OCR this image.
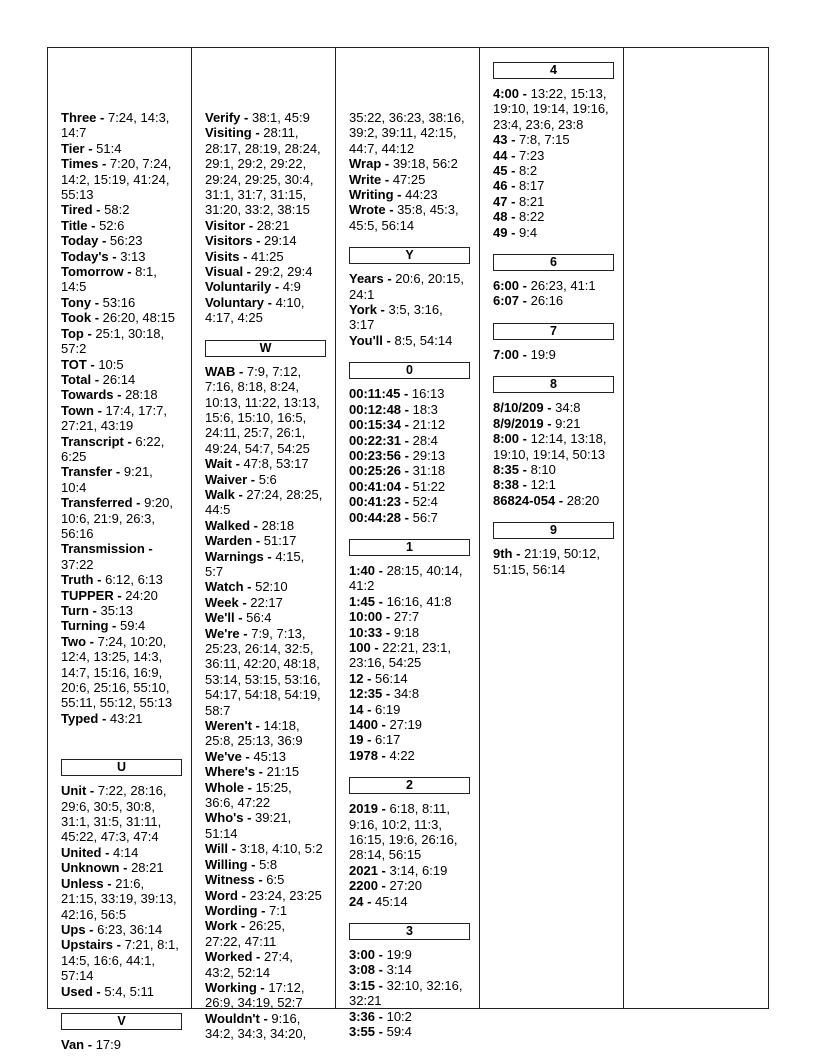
Three - 7:24, 14:3, 14:7
Tier - 51:4
Times - 7:20, 7:24, 14:2, 15:19, 41:24, 55:13
Tired - 58:2
Title - 52:6
Today - 56:23
Today's - 3:13
Tomorrow - 8:1, 14:5
Tony - 53:16
Took - 26:20, 48:15
Top - 25:1, 30:18, 57:2
TOT - 10:5
Total - 26:14
Towards - 28:18
Town - 17:4, 17:7, 27:21, 43:19
Transcript - 6:22, 6:25
Transfer - 9:21, 10:4
Transferred - 9:20, 10:6, 21:9, 26:3, 56:16
Transmission - 37:22
Truth - 6:12, 6:13
TUPPER - 24:20
Turn - 35:13
Turning - 59:4
Two - 7:24, 10:20, 12:4, 13:25, 14:3, 14:7, 15:16, 16:9, 20:6, 25:16, 55:10, 55:11, 55:12, 55:13
Typed - 43:21
U
Unit - 7:22, 28:16, 29:6, 30:5, 30:8, 31:1, 31:5, 31:11, 45:22, 47:3, 47:4
United - 4:14
Unknown - 28:21
Unless - 21:6, 21:15, 33:19, 39:13, 42:16, 56:5
Ups - 6:23, 36:14
Upstairs - 7:21, 8:1, 14:5, 16:6, 44:1, 57:14
Used - 5:4, 5:11
V
Van - 17:9
Verify - 38:1, 45:9
Visiting - 28:11, 28:17, 28:19, 28:24, 29:1, 29:2, 29:22, 29:24, 29:25, 30:4, 31:1, 31:7, 31:15, 31:20, 33:2, 38:15
Visitor - 28:21
Visitors - 29:14
Visits - 41:25
Visual - 29:2, 29:4
Voluntarily - 4:9
Voluntary - 4:10, 4:17, 4:25
W
WAB - 7:9, 7:12, 7:16, 8:18, 8:24, 10:13, 11:22, 13:13, 15:6, 15:10, 16:5, 24:11, 25:7, 26:1, 49:24, 54:7, 54:25
Wait - 47:8, 53:17
Waiver - 5:6
Walk - 27:24, 28:25, 44:5
Walked - 28:18
Warden - 51:17
Warnings - 4:15, 5:7
Watch - 52:10
Week - 22:17
We'll - 56:4
We're - 7:9, 7:13, 25:23, 26:14, 32:5, 36:11, 42:20, 48:18, 53:14, 53:15, 53:16, 54:17, 54:18, 54:19, 58:7
Weren't - 14:18, 25:8, 25:13, 36:9
We've - 45:13
Where's - 21:15
Whole - 15:25, 36:6, 47:22
Who's - 39:21, 51:14
Will - 3:18, 4:10, 5:2
Willing - 5:8
Witness - 6:5
Word - 23:24, 23:25
Wording - 7:1
Work - 26:25, 27:22, 47:11
Worked - 27:4, 43:2, 52:14
Working - 17:12, 26:9, 34:19, 52:7
Wouldn't - 9:16, 34:2, 34:3, 34:20,
35:22, 36:23, 38:16, 39:2, 39:11, 42:15, 44:7, 44:12
Wrap - 39:18, 56:2
Write - 47:25
Writing - 44:23
Wrote - 35:8, 45:3, 45:5, 56:14
Y
Years - 20:6, 20:15, 24:1
York - 3:5, 3:16, 3:17
You'll - 8:5, 54:14
0
00:11:45 - 16:13
00:12:48 - 18:3
00:15:34 - 21:12
00:22:31 - 28:4
00:23:56 - 29:13
00:25:26 - 31:18
00:41:04 - 51:22
00:41:23 - 52:4
00:44:28 - 56:7
1
1:40 - 28:15, 40:14, 41:2
1:45 - 16:16, 41:8
10:00 - 27:7
10:33 - 9:18
100 - 22:21, 23:1, 23:16, 54:25
12 - 56:14
12:35 - 34:8
14 - 6:19
1400 - 27:19
19 - 6:17
1978 - 4:22
2
2019 - 6:18, 8:11, 9:16, 10:2, 11:3, 16:15, 19:6, 26:16, 28:14, 56:15
2021 - 3:14, 6:19
2200 - 27:20
24 - 45:14
3
3:00 - 19:9
3:08 - 3:14
3:15 - 32:10, 32:16, 32:21
3:36 - 10:2
3:55 - 59:4
4
4:00 - 13:22, 15:13, 19:10, 19:14, 19:16, 23:4, 23:6, 23:8
43 - 7:8, 7:15
44 - 7:23
45 - 8:2
46 - 8:17
47 - 8:21
48 - 8:22
49 - 9:4
6
6:00 - 26:23, 41:1
6:07 - 26:16
7
7:00 - 19:9
8
8/10/209 - 34:8
8/9/2019 - 9:21
8:00 - 12:14, 13:18, 19:10, 19:14, 50:13
8:35 - 8:10
8:38 - 12:1
86824-054 - 28:20
9
9th - 21:19, 50:12, 51:15, 56:14
